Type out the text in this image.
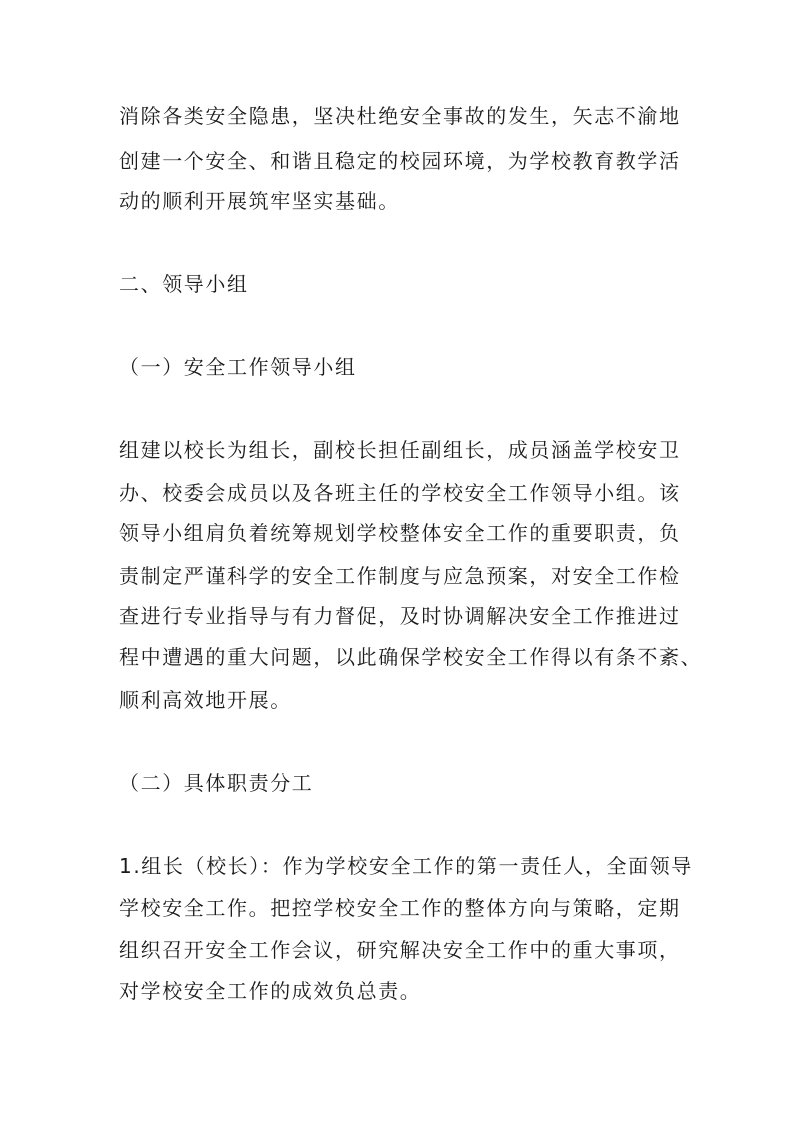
消除各类安全隐患，坚决杜绝安全事故的发生，矢志不渝地
创建一个安全、和谐且稳定的校园环境，为学校教育教学活
动的顺利开展筑牢坚实基础。
二、领导小组
（一）安全工作领导小组
组建以校长为组长，副校长担任副组长，成员涵盖学校安卫
办、校委会成员以及各班主任的学校安全工作领导小组。该
领导小组肩负着统筹规划学校整体安全工作的重要职责，负
责制定严谨科学的安全工作制度与应急预案，对安全工作检
查进行专业指导与有力督促，及时协调解决安全工作推进过
程中遭遇的重大问题，以此确保学校安全工作得以有条不紊、
顺利高效地开展。
（二）具体职责分工
1.组长（校长）：作为学校安全工作的第一责任人，全面领导
学校安全工作。把控学校安全工作的整体方向与策略，定期
组织召开安全工作会议，研究解决安全工作中的重大事项，
对学校安全工作的成效负总责。
